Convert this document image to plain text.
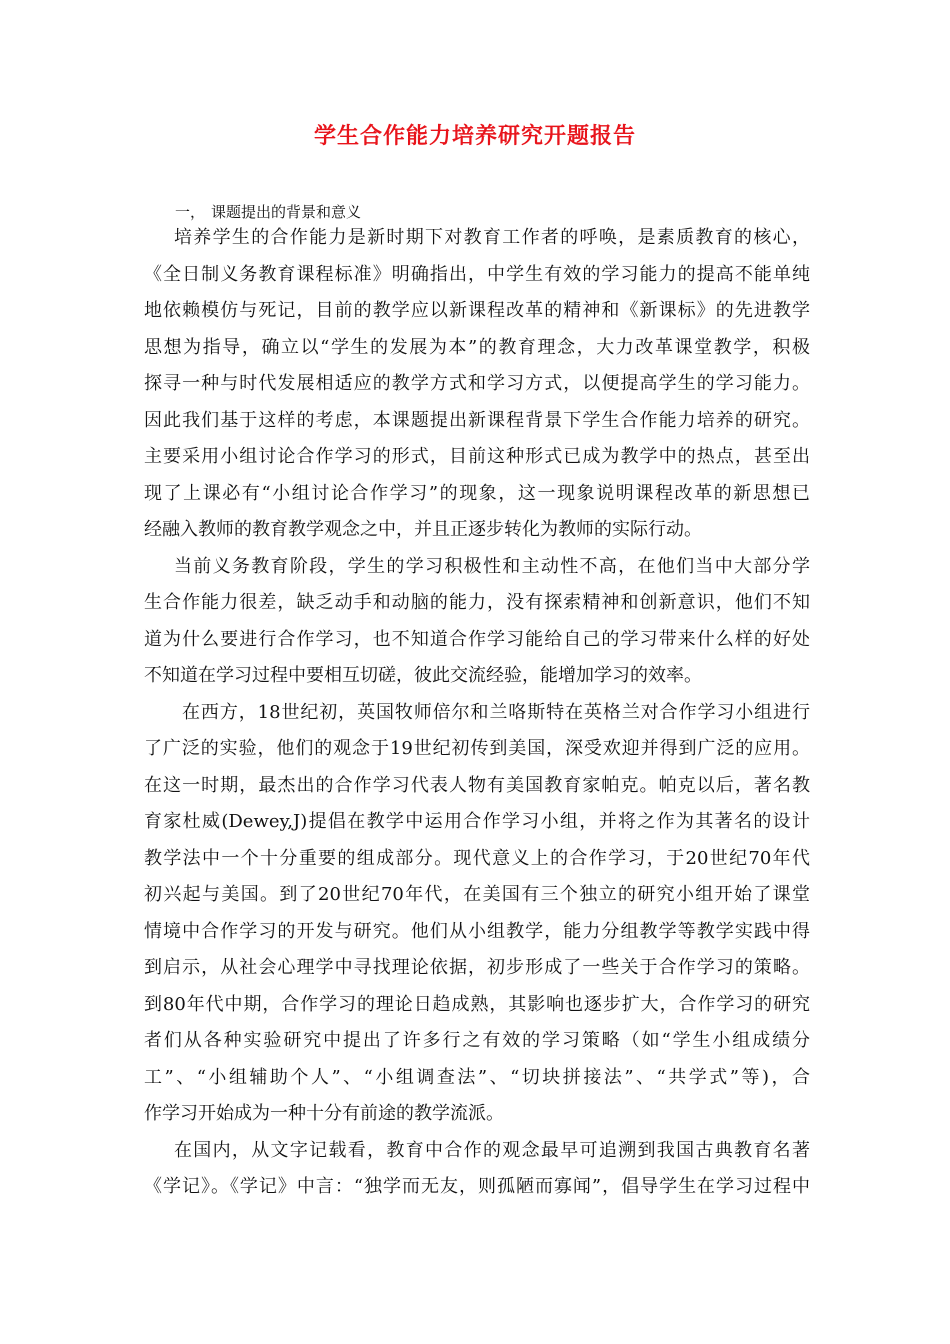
学生合作能力培养研究开题报告
一， 课题提出的背景和意义
培养学生的合作能力是新时期下对教育工作者的呼唤，是素质教育的核心，
《全日制义务教育课程标准》明确指出，中学生有效的学习能力的提高不能单纯
地依赖模仿与死记，目前的教学应以新课程改革的精神和《新课标》的先进教学
思想为指导，确立以“学生的发展为本”的教育理念，大力改革课堂教学，积极
探寻一种与时代发展相适应的教学方式和学习方式，以便提高学生的学习能力。
因此我们基于这样的考虑，本课题提出新课程背景下学生合作能力培养的研究。
主要采用小组讨论合作学习的形式，目前这种形式已成为教学中的热点，甚至出
现了上课必有“小组讨论合作学习”的现象，这一现象说明课程改革的新思想已
经融入教师的教育教学观念之中，并且正逐步转化为教师的实际行动。
当前义务教育阶段，学生的学习积极性和主动性不高，在他们当中大部分学
生合作能力很差，缺乏动手和动脑的能力，没有探索精神和创新意识，他们不知
道为什么要进行合作学习，也不知道合作学习能给自己的学习带来什么样的好处
不知道在学习过程中要相互切磋，彼此交流经验，能增加学习的效率。
在西方，18世纪初，英国牧师倍尔和兰咯斯特在英格兰对合作学习小组进行
了广泛的实验，他们的观念于19世纪初传到美国，深受欢迎并得到广泛的应用。
在这一时期，最杰出的合作学习代表人物有美国教育家帕克。帕克以后，著名教
育家杜威(Dewey,J)提倡在教学中运用合作学习小组，并将之作为其著名的设计
教学法中一个十分重要的组成部分。现代意义上的合作学习，于20世纪70年代
初兴起与美国。到了20世纪70年代，在美国有三个独立的研究小组开始了课堂
情境中合作学习的开发与研究。他们从小组教学，能力分组教学等教学实践中得
到启示，从社会心理学中寻找理论依据，初步形成了一些关于合作学习的策略。
到80年代中期，合作学习的理论日趋成熟，其影响也逐步扩大，合作学习的研究
者们从各种实验研究中提出了许多行之有效的学习策略（如“学生小组成绩分
工”、“小组辅助个人”、“小组调查法”、“切块拼接法”、“共学式”等)，合
作学习开始成为一种十分有前途的教学流派。
在国内，从文字记载看，教育中合作的观念最早可追溯到我国古典教育名著
《学记》。《学记》中言：“独学而无友，则孤陋而寡闻”，倡导学生在学习过程中
